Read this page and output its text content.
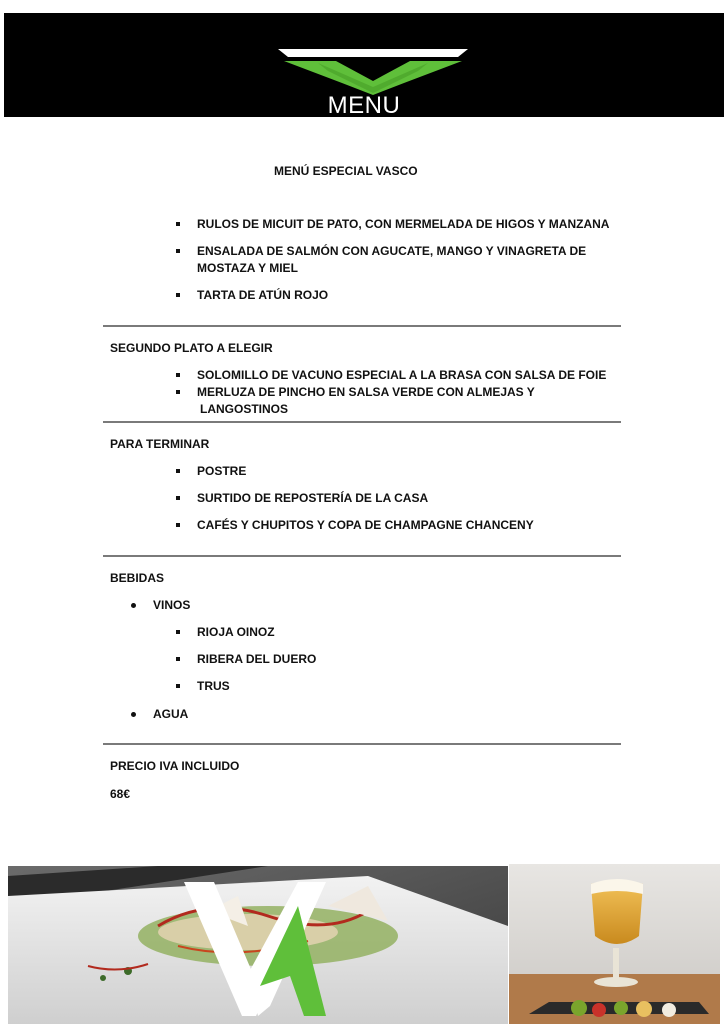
MENU
MENÚ ESPECIAL VASCO
RULOS DE MICUIT DE PATO, CON MERMELADA DE HIGOS Y MANZANA
ENSALADA DE SALMÓN CON AGUCATE, MANGO Y VINAGRETA DE
MOSTAZA Y MIEL
TARTA DE ATÚN ROJO
SEGUNDO PLATO A ELEGIR
SOLOMILLO DE VACUNO ESPECIAL A LA BRASA CON SALSA DE FOIE
MERLUZA DE PINCHO EN SALSA VERDE CON ALMEJAS Y
LANGOSTINOS
PARA TERMINAR
POSTRE
SURTIDO DE REPOSTERÍA DE LA CASA
CAFÉS Y CHUPITOS Y COPA DE CHAMPAGNE CHANCENY
BEBIDAS
VINOS
RIOJA OINOZ
RIBERA DEL DUERO
TRUS
AGUA
PRECIO IVA INCLUIDO
68€
